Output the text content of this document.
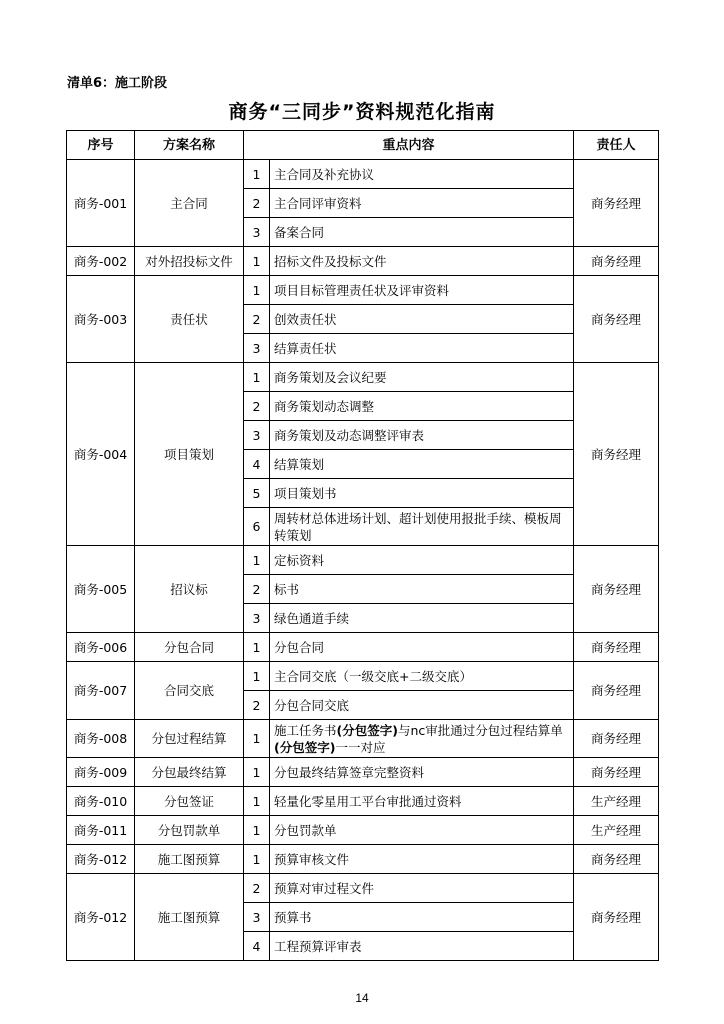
清单6：施工阶段
商务“三同步”资料规范化指南
序号	方案名称	重点内容		责任人
商务-001	主合同	1	主合同及补充协议	商务经理
		2	主合同评审资料	
		3	备案合同	
商务-002	对外招投标文件	1	招标文件及投标文件	商务经理
商务-003	责任状	1	项目目标管理责任状及评审资料	商务经理
		2	创效责任状	
		3	结算责任状	
商务-004	项目策划	1	商务策划及会议纪要	商务经理
		2	商务策划动态调整	
		3	商务策划及动态调整评审表	
		4	结算策划	
		5	项目策划书	
		6	周转材总体进场计划、超计划使用报批手续、模板周转策划	
商务-005	招议标	1	定标资料	商务经理
		2	标书	
		3	绿色通道手续	
商务-006	分包合同	1	分包合同	商务经理
商务-007	合同交底	1	主合同交底（一级交底+二级交底）	商务经理
		2	分包合同交底	
商务-008	分包过程结算	1	施工任务书(分包签字)与nc审批通过分包过程结算单(分包签字)一一对应	商务经理
商务-009	分包最终结算	1	分包最终结算签章完整资料	商务经理
商务-010	分包签证	1	轻量化零星用工平台审批通过资料	生产经理
商务-011	分包罚款单	1	分包罚款单	生产经理
商务-012	施工图预算	1	预算审核文件	商务经理
商务-012	施工图预算	2	预算对审过程文件	商务经理
		3	预算书	
		4	工程预算评审表	
14
